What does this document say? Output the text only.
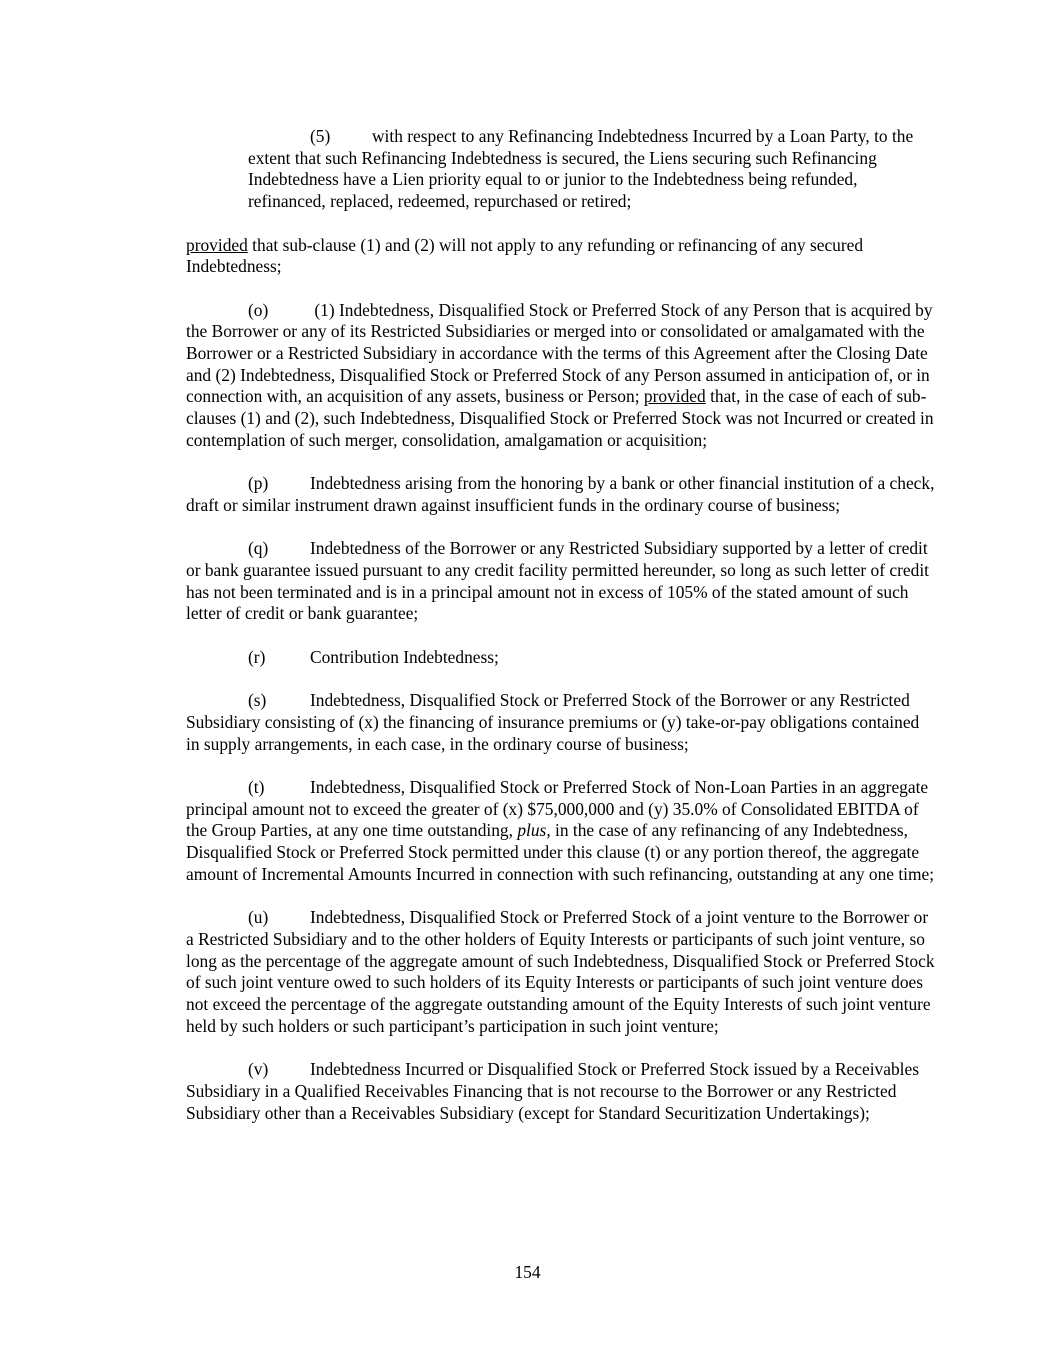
(5) with respect to any Refinancing Indebtedness Incurred by a Loan Party, to the extent that such Refinancing Indebtedness is secured, the Liens securing such Refinancing Indebtedness have a Lien priority equal to or junior to the Indebtedness being refunded, refinanced, replaced, redeemed, repurchased or retired;

provided that sub-clause (1) and (2) will not apply to any refunding or refinancing of any secured Indebtedness;

(o) (1) Indebtedness, Disqualified Stock or Preferred Stock of any Person that is acquired by the Borrower or any of its Restricted Subsidiaries or merged into or consolidated or amalgamated with the Borrower or a Restricted Subsidiary in accordance with the terms of this Agreement after the Closing Date and (2) Indebtedness, Disqualified Stock or Preferred Stock of any Person assumed in anticipation of, or in connection with, an acquisition of any assets, business or Person; provided that, in the case of each of sub-clauses (1) and (2), such Indebtedness, Disqualified Stock or Preferred Stock was not Incurred or created in contemplation of such merger, consolidation, amalgamation or acquisition;

(p) Indebtedness arising from the honoring by a bank or other financial institution of a check, draft or similar instrument drawn against insufficient funds in the ordinary course of business;

(q) Indebtedness of the Borrower or any Restricted Subsidiary supported by a letter of credit or bank guarantee issued pursuant to any credit facility permitted hereunder, so long as such letter of credit has not been terminated and is in a principal amount not in excess of 105% of the stated amount of such letter of credit or bank guarantee;

(r)	Contribution Indebtedness;

(s)	Indebtedness, Disqualified Stock or Preferred Stock of the Borrower or any Restricted Subsidiary consisting of (x) the financing of insurance premiums or (y) take-or-pay obligations contained in supply arrangements, in each case, in the ordinary course of business;

(t)	Indebtedness, Disqualified Stock or Preferred Stock of Non-Loan Parties in an aggregate principal amount not to exceed the greater of (x) $75,000,000 and (y) 35.0% of Consolidated EBITDA of the Group Parties, at any one time outstanding, plus, in the case of any refinancing of any Indebtedness, Disqualified Stock or Preferred Stock permitted under this clause (t) or any portion thereof, the aggregate amount of Incremental Amounts Incurred in connection with such refinancing, outstanding at any one time;

(u) Indebtedness, Disqualified Stock or Preferred Stock of a joint venture to the Borrower or a Restricted Subsidiary and to the other holders of Equity Interests or participants of such joint venture, so long as the percentage of the aggregate amount of such Indebtedness, Disqualified Stock or Preferred Stock of such joint venture owed to such holders of its Equity Interests or participants of such joint venture does not exceed the percentage of the aggregate outstanding amount of the Equity Interests of such joint venture held by such holders or such participant’s participation in such joint venture;

(v) Indebtedness Incurred or Disqualified Stock or Preferred Stock issued by a Receivables Subsidiary in a Qualified Receivables Financing that is not recourse to the Borrower or any Restricted Subsidiary other than a Receivables Subsidiary (except for Standard Securitization Undertakings);

154
